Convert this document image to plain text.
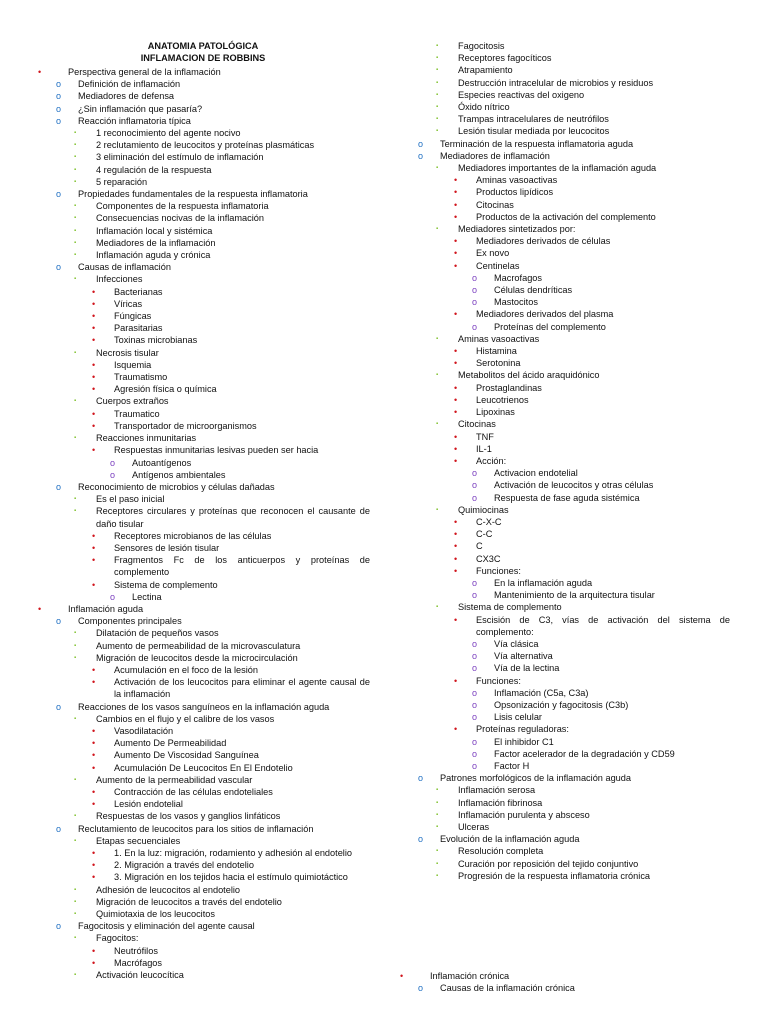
ANATOMIA PATOLÓGICA
INFLAMACION DE ROBBINS
•	Perspectiva general de la inflamación
o	Definición de inflamación
o	Mediadores de defensa
o	¿Sin inflamación que pasaría?
o	Reacción inflamatoria típica
▪	1 reconocimiento del agente nocivo
▪	2 reclutamiento de leucocitos y proteínas plasmáticas
▪	3 eliminación del estímulo de inflamación
▪	4 regulación de la respuesta
▪	5 reparación
o	Propiedades fundamentales de la respuesta inflamatoria
▪	Componentes de la respuesta inflamatoria
▪	Consecuencias nocivas de la inflamación
▪	Inflamación local y sistémica
▪	Mediadores de la inflamación
▪	Inflamación aguda y crónica
o	Causas de inflamación
▪	Infecciones
•	Bacterianas
•	Víricas
•	Fúngicas
•	Parasitarias
•	Toxinas microbianas
▪	Necrosis tisular
•	Isquemia
•	Traumatismo
•	Agresión física o química
▪	Cuerpos extraños
•	Traumatico
•	Transportador de microorganismos
▪	Reacciones inmunitarias
•	Respuestas inmunitarias lesivas pueden ser hacia
o	Autoantígenos
o	Antígenos ambientales
o	Reconocimiento de microbios y células dañadas
▪	Es el paso inicial
▪	Receptores circulares y proteínas que reconocen el causante de daño tisular
•	Receptores microbianos de las células
•	Sensores de lesión tisular
•	Fragmentos Fc de los anticuerpos y proteínas de complemento
•	Sistema de complemento
o	Lectina
•	Inflamación aguda
o	Componentes principales
▪	Dilatación de pequeños vasos
▪	Aumento de permeabilidad de la microvasculatura
▪	Migración de leucocitos desde la microcirculación
•	Acumulación en el foco de la lesión
•	Activación de los leucocitos para eliminar el agente causal de la inflamación
o	Reacciones de los vasos sanguíneos en la inflamación aguda
▪	Cambios en el flujo y el calibre de los vasos
•	Vasodilatación
•	Aumento De Permeabilidad
•	Aumento De Viscosidad Sanguínea
•	Acumulación De Leucocitos En El Endotelio
▪	Aumento de la permeabilidad vascular
•	Contracción de las células endoteliales
•	Lesión endotelial
▪	Respuestas de los vasos y ganglios linfáticos
o	Reclutamiento de leucocitos para los sitios de inflamación
▪	Etapas secuenciales
•	1. En la luz: migración, rodamiento y adhesión al endotelio
•	2. Migración a través del endotelio
•	3. Migración en los tejidos hacia el estímulo quimiotáctico
▪	Adhesión de leucocitos al endotelio
▪	Migración de leucocitos a través del endotelio
▪	Quimiotaxia de los leucocitos
o	Fagocitosis y eliminación del agente causal
▪	Fagocitos:
•	Neutrófilos
•	Macrófagos
▪	Activación leucocítica
▪	Fagocitosis
▪	Receptores fagocíticos
▪	Atrapamiento
▪	Destrucción intracelular de microbios y residuos
▪	Especies reactivas del oxigeno
▪	Óxido nítrico
▪	Trampas intracelulares de neutrófilos
▪	Lesión tisular mediada por leucocitos
o	Terminación de la respuesta inflamatoria aguda
o	Mediadores de inflamación
▪	Mediadores importantes de la inflamación aguda
•	Aminas vasoactivas
•	Productos lipídicos
•	Citocinas
•	Productos de la activación del complemento
▪	Mediadores sintetizados por:
•	Mediadores derivados de células
•	Ex novo
•	Centinelas
o	Macrofagos
o	Células dendríticas
o	Mastocitos
•	Mediadores derivados del plasma
o	Proteínas del complemento
▪	Aminas vasoactivas
•	Histamina
•	Serotonina
▪	Metabolitos del ácido araquidónico
•	Prostaglandinas
•	Leucotrienos
•	Lipoxinas
▪	Citocinas
•	TNF
•	IL-1
•	Acción:
o	Activacion endotelial
o	Activación de leucocitos y otras células
o	Respuesta de fase aguda sistémica
▪	Quimiocinas
•	C-X-C
•	C-C
•	C
•	CX3C
•	Funciones:
o	En la inflamación aguda
o	Mantenimiento de la arquitectura tisular
▪	Sistema de complemento
•	Escisión de C3, vías de activación del sistema de complemento:
o	Vía clásica
o	Vía alternativa
o	Vía de la lectina
•	Funciones:
o	Inflamación (C5a, C3a)
o	Opsonización y fagocitosis (C3b)
o	Lisis celular
•	Proteínas reguladoras:
o	El inhibidor C1
o	Factor acelerador de la degradación y CD59
o	Factor H
o	Patrones morfológicos de la inflamación aguda
▪	Inflamación serosa
▪	Inflamación fibrinosa
▪	Inflamación purulenta y absceso
▪	Ulceras
o	Evolución de la inflamación aguda
▪	Resolución completa
▪	Curación por reposición del tejido conjuntivo
▪	Progresión de la respuesta inflamatoria crónica
•	Inflamación crónica
o	Causas de la inflamación crónica
